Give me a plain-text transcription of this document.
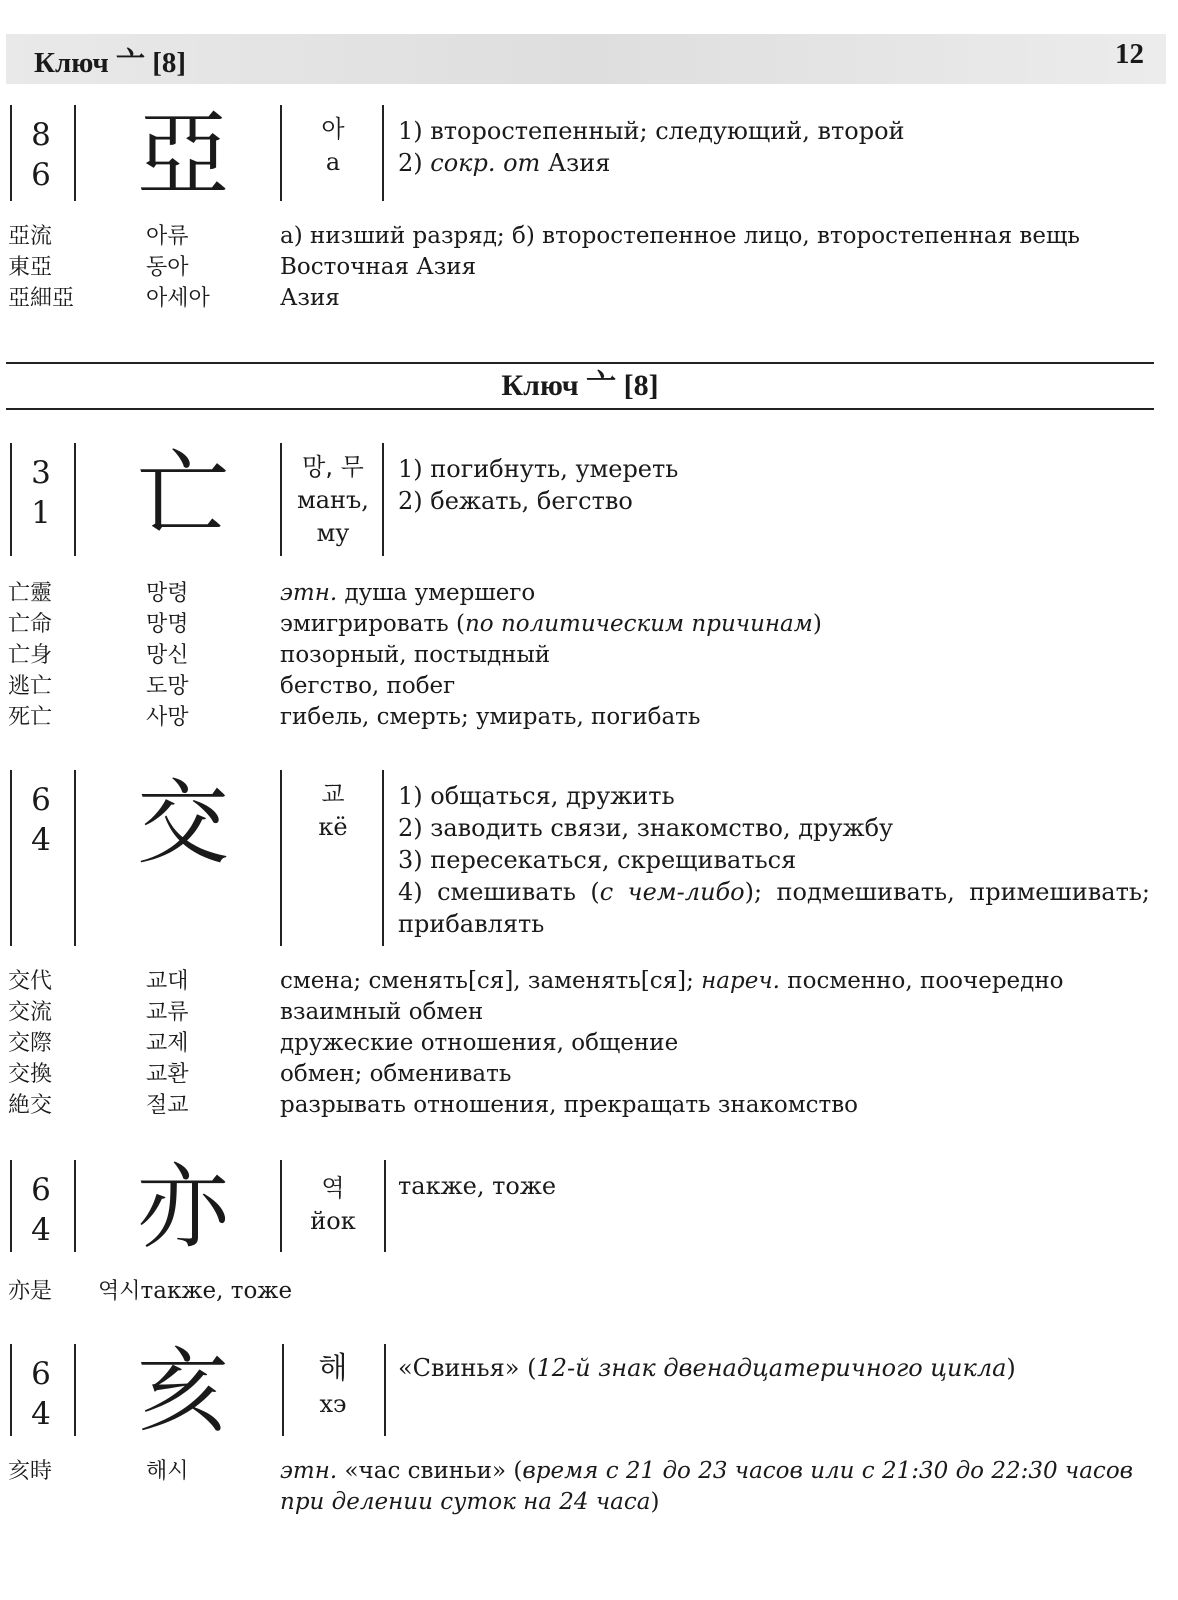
Ключ 亠 [8]	12
8
6 亞	아
а
1) второстепенный; следующий, второй
2) сокр. от Азия
亞流	아류	а) низший разряд; б) второстепенное лицо, второстепенная вещь
東亞	동아	Восточная Азия
亞細亞	아세아	Азия
Ключ 亠 [8]
3
1 亡	망, 무
манъ,
му
1) погибнуть, умереть
2) бежать, бегство
亡靈	망령	этн. душа умершего
亡命	망명	эмигрировать (по политическим причинам)
亡身	망신	позорный, постыдный
逃亡	도망	бегство, побег
死亡	사망	гибель, смерть; умирать, погибать
6
4 交	교
кё
1) общаться, дружить
2) заводить связи, знакомство, дружбу
3) пересекаться, скрещиваться
4) смешивать (с чем-либо); подмешивать, примешивать; прибавлять
交代	교대	смена; сменять[ся], заменять[ся]; нареч. посменно, поочередно
交流	교류	взаимный обмен
交際	교제	дружеские отношения, общение
交換	교환	обмен; обменивать
絶交	절교	разрывать отношения, прекращать знакомство
6
4 亦	역
йок
также, тоже
亦是 역시также, тоже
6
4 亥	해
хэ
«Свинья» (12-й знак двенадцатеричного цикла)
亥時	해시	этн. «час свиньи» (время с 21 до 23 часов или с 21:30 до 22:30 часов при делении суток на 24 часа)
